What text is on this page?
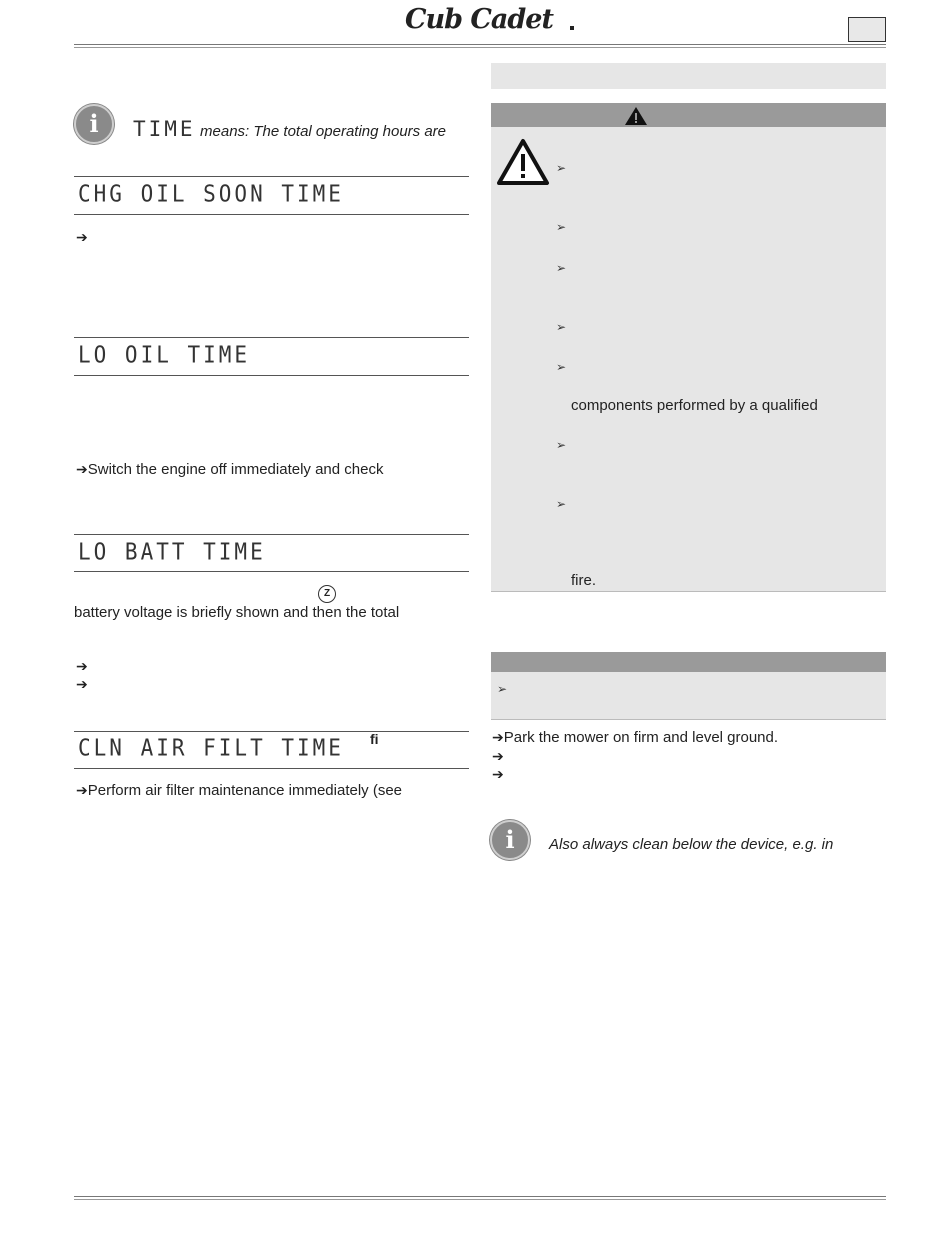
Cub Cadet
i	TIME means: The total operating hours are
CHG OIL SOON TIME
➔
LO OIL TIME
➔Switch the engine off immediately and check
LO BATT TIME
Z
battery voltage is briefly shown and then the total
➔
➔
CLN AIR FILT TIME fi
➔Perform air filter maintenance immediately (see
➢
➢
➢
➢
➢
components performed by a qualified
➢
➢
fire.
➢
➔Park the mower on firm and level ground.
➔
➔
i	Also always clean below the device, e.g. in
